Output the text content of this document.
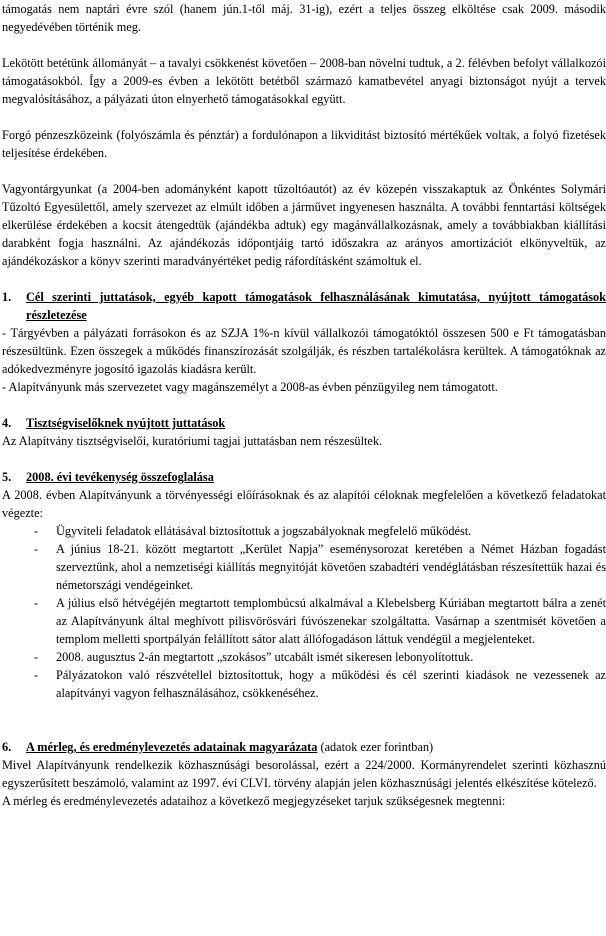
támogatás nem naptári évre szól (hanem jún.1-től máj. 31-ig), ezért a teljes összeg elköltése csak 2009. második negyedévében történik meg.

Lekötött betétünk állományát – a tavalyi csökkenést követően – 2008-ban növelni tudtuk, a 2. félévben befolyt vállalkozói támogatásokból. Így a 2009-es évben a lekötött betétből származó kamatbevétel anyagi biztonságot nyújt a tervek megvalósításához, a pályázati úton elnyerhető támogatásokkal együtt.

Forgó pénzeszközeink (folyószámla és pénztár) a fordulónapon a likviditást biztosító mértékűek voltak, a folyó fizetések teljesítése érdekében.

Vagyontárgyunkat (a 2004-ben adományként kapott tűzoltóautót) az év közepén visszakaptuk az Önkéntes Solymári Tűzoltó Egyesülettől, amely szervezet az elmúlt időben a járművet ingyenesen használta. A további fenntartási költségek elkerülése érdekében a kocsit átengedtük (ajándékba adtuk) egy magánvállalkozásnak, amely a továbbiakban kiállítási darabként fogja használni. Az ajándékozás időpontjáig tartó időszakra az arányos amortizációt elkönyveltük, az ajándékozáskor a könyv szerinti maradványértéket pedig ráfordításként számoltuk el.

1.	Cél szerinti juttatások, egyéb kapott támogatások felhasználásának kimutatása, nyújtott támogatások részletezése

- Tárgyévben a pályázati forrásokon és az SZJA 1%-n kívül vállalkozói támogatóktól összesen 500 e Ft támogatásban részesültünk. Ezen összegek a működés finanszírozását szolgálják, és részben tartalékolásra kerültek. A támogatóknak az adókedvezményre jogosító igazolás kiadásra került.

- Alapítványunk más szervezetet vagy magánszemélyt a 2008-as évben pénzügyileg nem támogatott.

4.	Tisztségviselőknek nyújtott juttatások

Az Alapítvány tisztségviselői, kuratóriumi tagjai juttatásban nem részesültek.

5.	2008. évi tevékenység összefoglalása

A 2008. évben Alapítványunk a törvényességi előírásoknak és az alapítói céloknak megfelelően a következő feladatokat végezte:

-	Ügyviteli feladatok ellátásával biztosítottuk a jogszabályoknak megfelelő működést.
-	A június 18-21. között megtartott „Kerület Napja” eseménysorozat keretében a Német Házban fogadást szerveztünk, ahol a nemzetiségi kiállítás megnyitóját követően szabadtéri vendéglátásban részesítettük hazai és németországi vendégeinket.
-	A július első hétvégéjén megtartott templombúcsú alkalmával a Klebelsberg Kúriában megtartott bálra a zenét az Alapítványunk által meghívott pilisvörösvári fúvószenekar szolgáltatta. Vasárnap a szentmisét követően a templom melletti sportpályán felállított sátor alatt állófogadáson láttuk vendégül a megjelenteket.
-	2008. augusztus 2-án megtartott „szokásos” utcabált ismét sikeresen lebonyolítottuk.
-	Pályázatokon való részvétellel biztosítottuk, hogy a működési és cél szerinti kiadások ne vezessenek az alapítványi vagyon felhasználásához, csökkenéséhez.
6.	A mérleg, és eredménylevezetés adatainak magyarázata (adatok ezer forintban)

Mivel Alapítványunk rendelkezik közhasznúsági besorolással, ezért a 224/2000. Kormányrendelet szerinti közhasznú egyszerűsített beszámoló, valamint az 1997. évi CLVI. törvény alapján jelen közhasznúsági jelentés elkészítése kötelező.

A mérleg és eredménylevezetés adataihoz a következő megjegyzéseket tarjuk szükségesnek megtenni:
